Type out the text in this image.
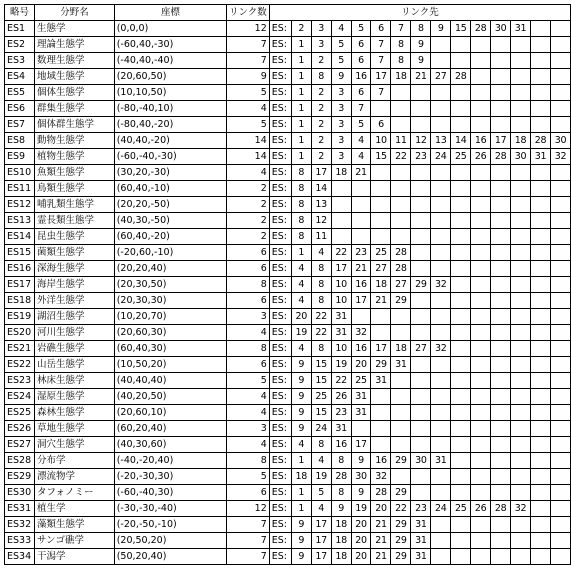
略号	分野名	座標	リンク数	リンク先														
ES1	生態学	(0,0,0)	12	ES:	2	3	4	5	6	7	8	9	15	28	30	31		
ES2	理論生態学	(-60,40,-30)	7	ES:	1	3	5	6	7	8	9							
ES3	数理生態学	(-40,40,-40)	7	ES:	1	2	5	6	7	8	9							
ES4	地域生態学	(20,60,50)	9	ES:	1	8	9	16	17	18	21	27	28					
ES5	個体生態学	(10,10,50)	5	ES:	1	2	3	6	7									
ES6	群集生態学	(-80,-40,10)	4	ES:	1	2	3	7										
ES7	個体群生態学	(-80,40,-20)	5	ES:	1	2	3	5	6									
ES8	動物生態学	(40,40,-20)	14	ES:	1	2	3	4	10	11	12	13	14	16	17	18	28	30
ES9	植物生態学	(-60,-40,-30)	14	ES:	1	2	3	4	15	22	23	24	25	26	28	30	31	32
ES10	魚類生態学	(30,20,-30)	4	ES:	8	17	18	21										
ES11	鳥類生態学	(60,40,-10)	2	ES:	8	14												
ES12	哺乳類生態学	(20,20,-50)	2	ES:	8	13												
ES13	霊長類生態学	(40,30,-50)	2	ES:	8	12												
ES14	昆虫生態学	(60,40,-20)	2	ES:	8	11												
ES15	菌類生態学	(-20,60,-10)	6	ES:	1	4	22	23	25	28								
ES16	深海生態学	(20,20,40)	6	ES:	4	8	17	21	27	28								
ES17	海岸生態学	(20,30,50)	8	ES:	4	8	10	16	18	27	29	32						
ES18	外洋生態学	(20,30,30)	6	ES:	4	8	10	17	21	29								
ES19	湖沼生態学	(10,20,70)	3	ES:	20	22	31											
ES20	河川生態学	(20,60,30)	4	ES:	19	22	31	32										
ES21	岩礁生態学	(60,40,30)	8	ES:	4	8	10	16	17	18	27	32						
ES22	山岳生態学	(10,50,20)	6	ES:	9	15	19	20	29	31								
ES23	林床生態学	(40,40,40)	5	ES:	9	15	22	25	31									
ES24	湿原生態学	(40,20,50)	4	ES:	9	25	26	31										
ES25	森林生態学	(20,60,10)	4	ES:	9	15	23	31										
ES26	草地生態学	(60,20,40)	3	ES:	9	24	31											
ES27	洞穴生態学	(40,30,60)	4	ES:	4	8	16	17										
ES28	分布学	(-40,-20,40)	8	ES:	1	4	8	9	16	29	30	31						
ES29	漂流物学	(-20,-30,30)	5	ES:	18	19	28	30	32									
ES30	タフォノミー	(-60,-40,30)	6	ES:	1	5	8	9	28	29								
ES31	植生学	(-30,-30,-40)	12	ES:	1	4	9	19	20	22	23	24	25	26	28	32		
ES32	藻類生態学	(-20,-50,-10)	7	ES:	9	17	18	20	21	29	31							
ES33	サンゴ礁学	(20,50,20)	7	ES:	9	17	18	20	21	29	31							
ES34	干潟学	(50,20,40)	7	ES:	9	17	18	20	21	29	31							
